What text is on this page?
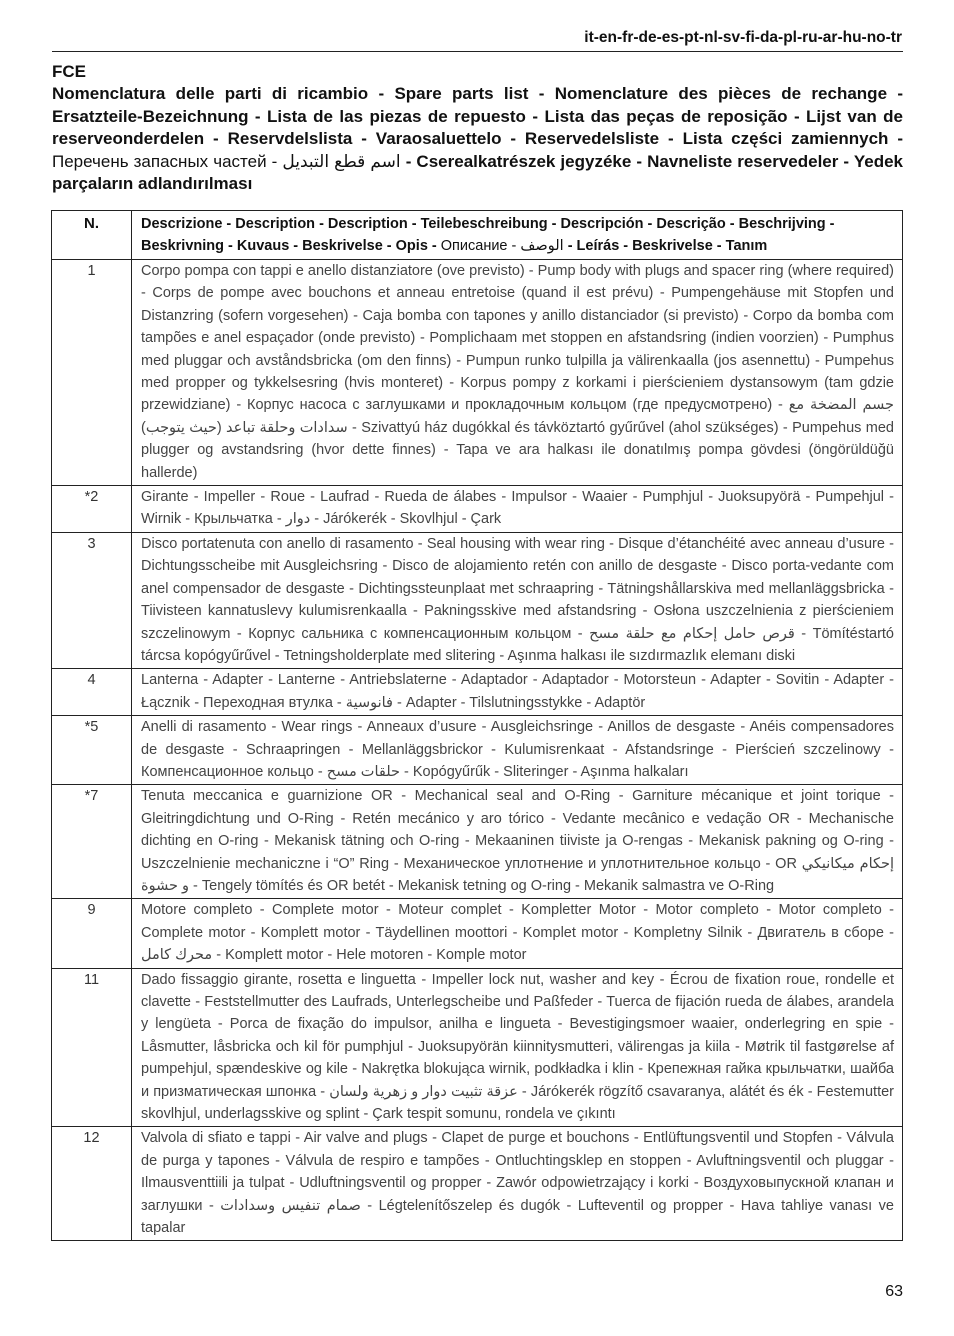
it-en-fr-de-es-pt-nl-sv-fi-da-pl-ru-ar-hu-no-tr
FCE
Nomenclatura delle parti di ricambio - Spare parts list - Nomenclature des pièces de rechange - Ersatzteile-Bezeichnung - Lista de las piezas de repuesto - Lista das peças de reposição - Lijst van de reserveonderdelen - Reservdelslista - Varaosaluettelo - Reservedelsliste - Lista części zamiennych - Перечень запасных частей - اسم قطع التبديل - Cserealkatrészek jegyzéke - Navneliste reservedeler - Yedek parçaların adlandırılması
N.	Descrizione - Description - Description - Teilebeschreibung - Descripción - Descrição - Beschrijving - Beskrivning - Kuvaus - Beskrivelse - Opis - Описание - الوصف - Leírás - Beskrivelse - Tanım
1	Corpo pompa con tappi e anello distanziatore (ove previsto) - Pump body with plugs and spacer ring (where required) - Corps de pompe avec bouchons et anneau entretoise (quand il est prévu) - Pumpengehäuse mit Stopfen und Distanzring (sofern vorgesehen) - Caja bomba con tapones y anillo distanciador (si previsto) - Corpo da bomba com tampões e anel espaçador (onde previsto) - Pomplichaam met stoppen en afstandsring (indien voorzien) - Pumphus med pluggar och avståndsbricka (om den finns) - Pumpun runko tulpilla ja välirenkaalla (jos asennettu) - Pumpehus med propper og tykkelsesring (hvis monteret) - Korpus pompy z korkami i pierścieniem dystansowym (tam gdzie przewidziane) - Корпус насоса с заглушками и прокладочным кольцом (где предусмотрено) - جسم المضخة مع سدادات وحلقة تباعد (حيث يتوجب) - Szivattyú ház dugókkal és távköztartó gyűrűvel (ahol szükséges) - Pumpehus med plugger og avstandsring (hvor dette finnes) - Tapa ve ara halkası ile donatılmış pompa gövdesi (öngörüldüğü hallerde)
*2	Girante - Impeller - Roue - Laufrad - Rueda de álabes - Impulsor - Waaier - Pumphjul - Juoksupyörä - Pumpehjul - Wirnik - Крыльчатка - دوار - Járókerék - Skovlhjul - Çark
3	Disco portatenuta con anello di rasamento - Seal housing with wear ring - Disque d’étanchéité avec anneau d’usure - Dichtungsscheibe mit Ausgleichsring - Disco de alojamiento retén con anillo de desgaste - Disco porta-vedante com anel compensador de desgaste - Dichtingssteunplaat met schraapring - Tätningshållarskiva med mellanläggsbricka - Tiivisteen kannatuslevy kulumisrenkaalla - Pakningsskive med afstandsring - Osłona uszczelnienia z pierścieniem szczelinowym - Корпус сальника с компенсационным кольцом - قرص حامل إحكام مع حلقة مسح - Tömítéstartó tárcsa kopógyűrűvel - Tetningsholderplate med slitering - Aşınma halkası ile sızdırmazlık elemanı diski
4	Lanterna - Adapter - Lanterne - Antriebslaterne - Adaptador - Adaptador - Motorsteun - Adapter - Sovitin - Adapter - Łącznik - Переходная втулка - فانوسية - Adapter - Tilslutningsstykke - Adaptör
*5	Anelli di rasamento - Wear rings - Anneaux d’usure - Ausgleichsringe - Anillos de desgaste - Anéis compensadores de desgaste - Schraapringen - Mellanläggsbrickor - Kulumisrenkaat - Afstandsringe - Pierścień szczelinowy - Компенсационное кольцо - حلقات مسح - Kopógyűrűk - Sliteringer - Aşınma halkaları
*7	Tenuta meccanica e guarnizione OR - Mechanical seal and O-Ring - Garniture mécanique et joint torique - Gleitringdichtung und O-Ring - Retén mecánico y aro tórico - Vedante mecânico e vedação OR - Mechanische dichting en O-ring - Mekanisk tätning och O-ring - Mekaaninen tiiviste ja O-rengas - Mekanisk pakning og O-ring - Uszczelnienie mechaniczne i “O” Ring - Механическое уплотнение и уплотнительное кольцо - OR إحكام ميكانيكي و حشوة - Tengely tömítés és OR betét - Mekanisk tetning og O-ring - Mekanik salmastra ve O-Ring
9	Motore completo - Complete motor - Moteur complet - Kompletter Motor - Motor completo - Motor completo - Complete motor - Komplett motor - Täydellinen moottori - Komplet motor - Kompletny Silnik - Двигатель в сборе - محرك كامل - Komplett motor - Hele motoren - Komple motor
11	Dado fissaggio girante, rosetta e linguetta - Impeller lock nut, washer and key - Écrou de fixation roue, rondelle et clavette - Feststellmutter des Laufrads, Unterlegscheibe und Paßfeder - Tuerca de fijación rueda de álabes, arandela y lengüeta - Porca de fixação do impulsor, anilha e lingueta - Bevestigingsmoer waaier, onderlegring en spie - Låsmutter, låsbricka och kil för pumphjul - Juoksupyörän kiinnitysmutteri, välirengas ja kiila - Møtrik til fastgørelse af pumpehjul, spændeskive og kile - Nakrętka blokująca wirnik, podkładka i klin - Крепежная гайка крыльчатки, шайба и призматическая шпонка - عزقة تثبيت دوار و زهرية ولسان - Járókerék rögzítő csavaranya, alátét és ék - Festemutter skovlhjul, underlagsskive og splint - Çark tespit somunu, rondela ve çıkıntı
12	Valvola di sfiato e tappi - Air valve and plugs - Clapet de purge et bouchons - Entlüftungsventil und Stopfen - Válvula de purga y tapones - Válvula de respiro e tampões - Ontluchtingsklep en stoppen - Avluftningsventil och pluggar - Ilmausventtiili ja tulpat - Udluftningsventil og propper - Zawór odpowietrzający i korki - Воздуховыпускной клапан и заглушки - صمام تنفيس وسدادات - Légtelenítőszelep és dugók - Lufteventil og propper - Hava tahliye vanası ve tapalar
63
